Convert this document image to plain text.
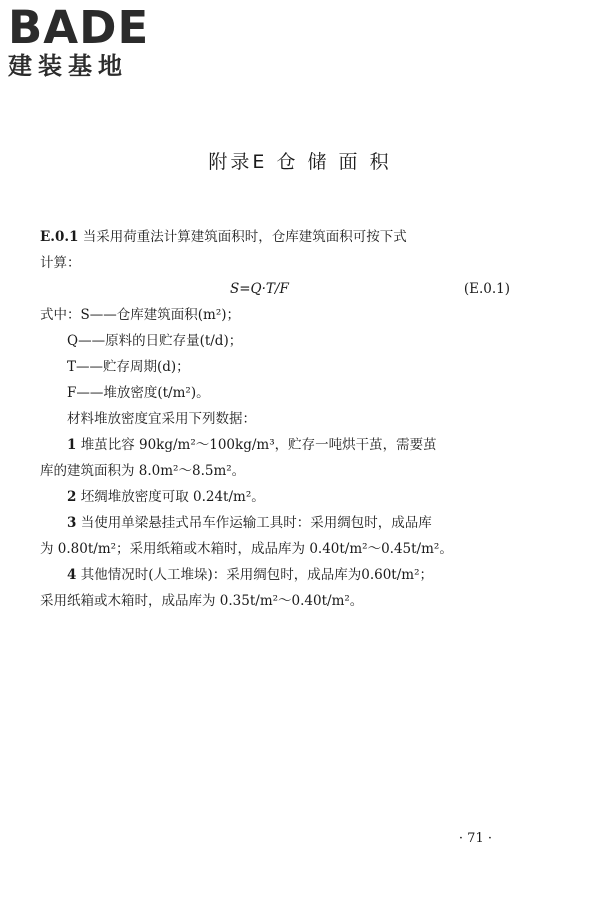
BADE
建装基地
附录E 仓 储 面 积
E.0.1 当采用荷重法计算建筑面积时，仓库建筑面积可按下式
计算：
S=Q·T/F	(E.0.1)
式中：S——仓库建筑面积(m²)；
Q——原料的日贮存量(t/d)；
T——贮存周期(d)；
F——堆放密度(t/m²)。
材料堆放密度宜采用下列数据：
1 堆茧比容 90kg/m²～100kg/m³，贮存一吨烘干茧，需要茧
库的建筑面积为 8.0m²～8.5m²。
2 坯绸堆放密度可取 0.24t/m²。
3 当使用单梁悬挂式吊车作运输工具时：采用绸包时，成品库
为 0.80t/m²；采用纸箱或木箱时，成品库为 0.40t/m²～0.45t/m²。
4 其他情况时(人工堆垛)：采用绸包时，成品库为0.60t/m²；
采用纸箱或木箱时，成品库为 0.35t/m²～0.40t/m²。
· 71 ·
